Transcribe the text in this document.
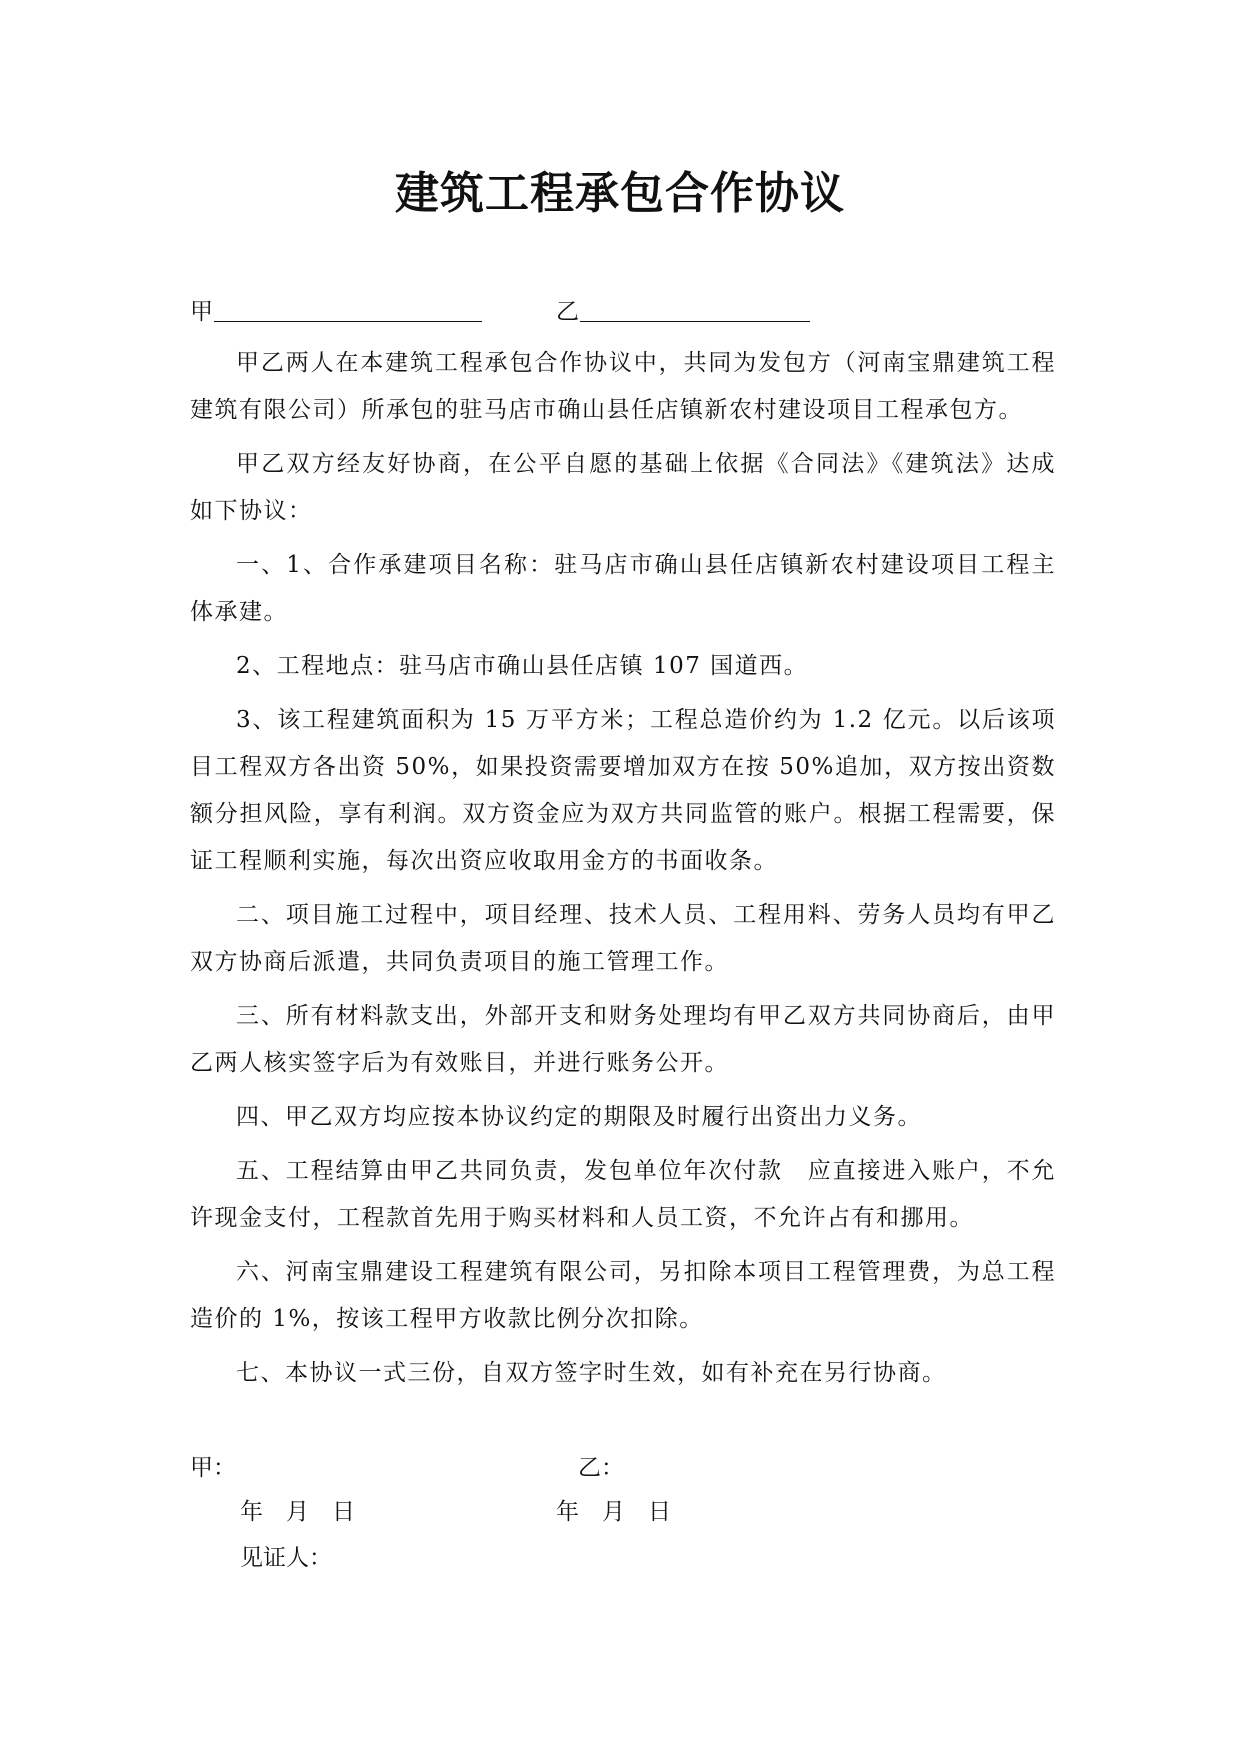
建筑工程承包合作协议
甲	乙

甲乙两人在本建筑工程承包合作协议中，共同为发包方（河南宝鼎建筑工程建筑有限公司）所承包的驻马店市确山县任店镇新农村建设项目工程承包方。

甲乙双方经友好协商，在公平自愿的基础上依据《合同法》《建筑法》达成如下协议：

一、1、合作承建项目名称：驻马店市确山县任店镇新农村建设项目工程主体承建。

2、工程地点：驻马店市确山县任店镇 107 国道西。

3、该工程建筑面积为 15 万平方米；工程总造价约为 1.2 亿元。以后该项目工程双方各出资 50%，如果投资需要增加双方在按 50%追加，双方按出资数额分担风险，享有利润。双方资金应为双方共同监管的账户。根据工程需要，保证工程顺利实施，每次出资应收取用金方的书面收条。

二、项目施工过程中，项目经理、技术人员、工程用料、劳务人员均有甲乙双方协商后派遣，共同负责项目的施工管理工作。

三、所有材料款支出，外部开支和财务处理均有甲乙双方共同协商后，由甲乙两人核实签字后为有效账目，并进行账务公开。

四、甲乙双方均应按本协议约定的期限及时履行出资出力义务。

五、工程结算由甲乙共同负责，发包单位年次付款　应直接进入账户，不允许现金支付，工程款首先用于购买材料和人员工资，不允许占有和挪用。

六、河南宝鼎建设工程建筑有限公司，另扣除本项目工程管理费，为总工程造价的 1%，按该工程甲方收款比例分次扣除。

七、本协议一式三份，自双方签字时生效，如有补充在另行协商。

甲：	乙：
年　月　日	年　月　日
见证人：
